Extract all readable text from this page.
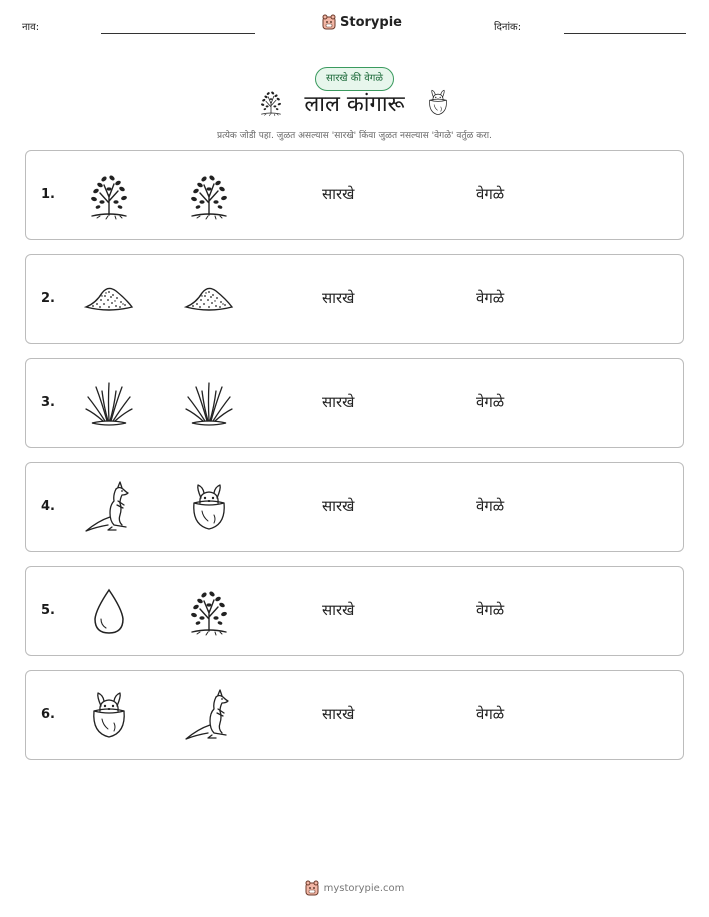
नाव:	Storypie	दिनांक:
सारखे की वेगळे
लाल कांगारू
प्रत्येक जोडी पहा. जुळत असल्यास 'सारखे' किंवा जुळत नसल्यास 'वेगळे' वर्तुळ करा.
1.	सारखे	वेगळे
2.	सारखे	वेगळे
3.	सारखे	वेगळे
4.	सारखे	वेगळे
5.	सारखे	वेगळे
6.	सारखे	वेगळे
mystorypie.com
